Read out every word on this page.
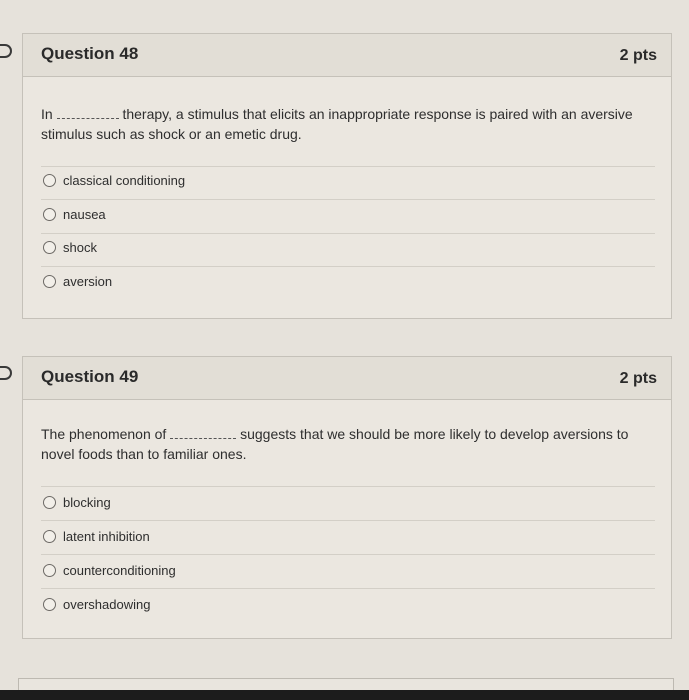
Question 48	2 pts
In	therapy, a stimulus that elicits an inappropriate response is paired with an aversive stimulus such as shock or an emetic drug.
classical conditioning
nausea
shock
aversion
Question 49	2 pts
The phenomenon of	suggests that we should be more likely to develop aversions to novel foods than to familiar ones.
blocking
latent inhibition
counterconditioning
overshadowing
